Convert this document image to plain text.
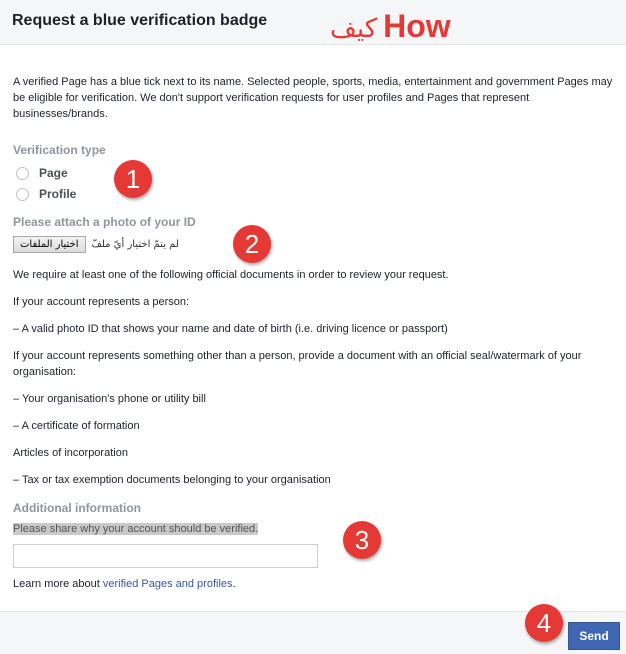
Request a blue verification badge كيف How
A verified Page has a blue tick next to its name. Selected people, sports, media, entertainment and government Pages may be eligible for verification. We don't support verification requests for user profiles and Pages that represent businesses/brands.
Verification type
Page
Profile
Please attach a photo of your ID
اختيار الملفات	لم يتمّ اختيار أيّ ملفّ
We require at least one of the following official documents in order to review your request.
If your account represents a person:
– A valid photo ID that shows your name and date of birth (i.e. driving licence or passport)
If your account represents something other than a person, provide a document with an official seal/watermark of your organisation:
– Your organisation's phone or utility bill
– A certificate of formation
Articles of incorporation
– Tax or tax exemption documents belonging to your organisation
Additional information
Please share why your account should be verified.
Learn more about verified Pages and profiles.
Send
1
2
3
4
